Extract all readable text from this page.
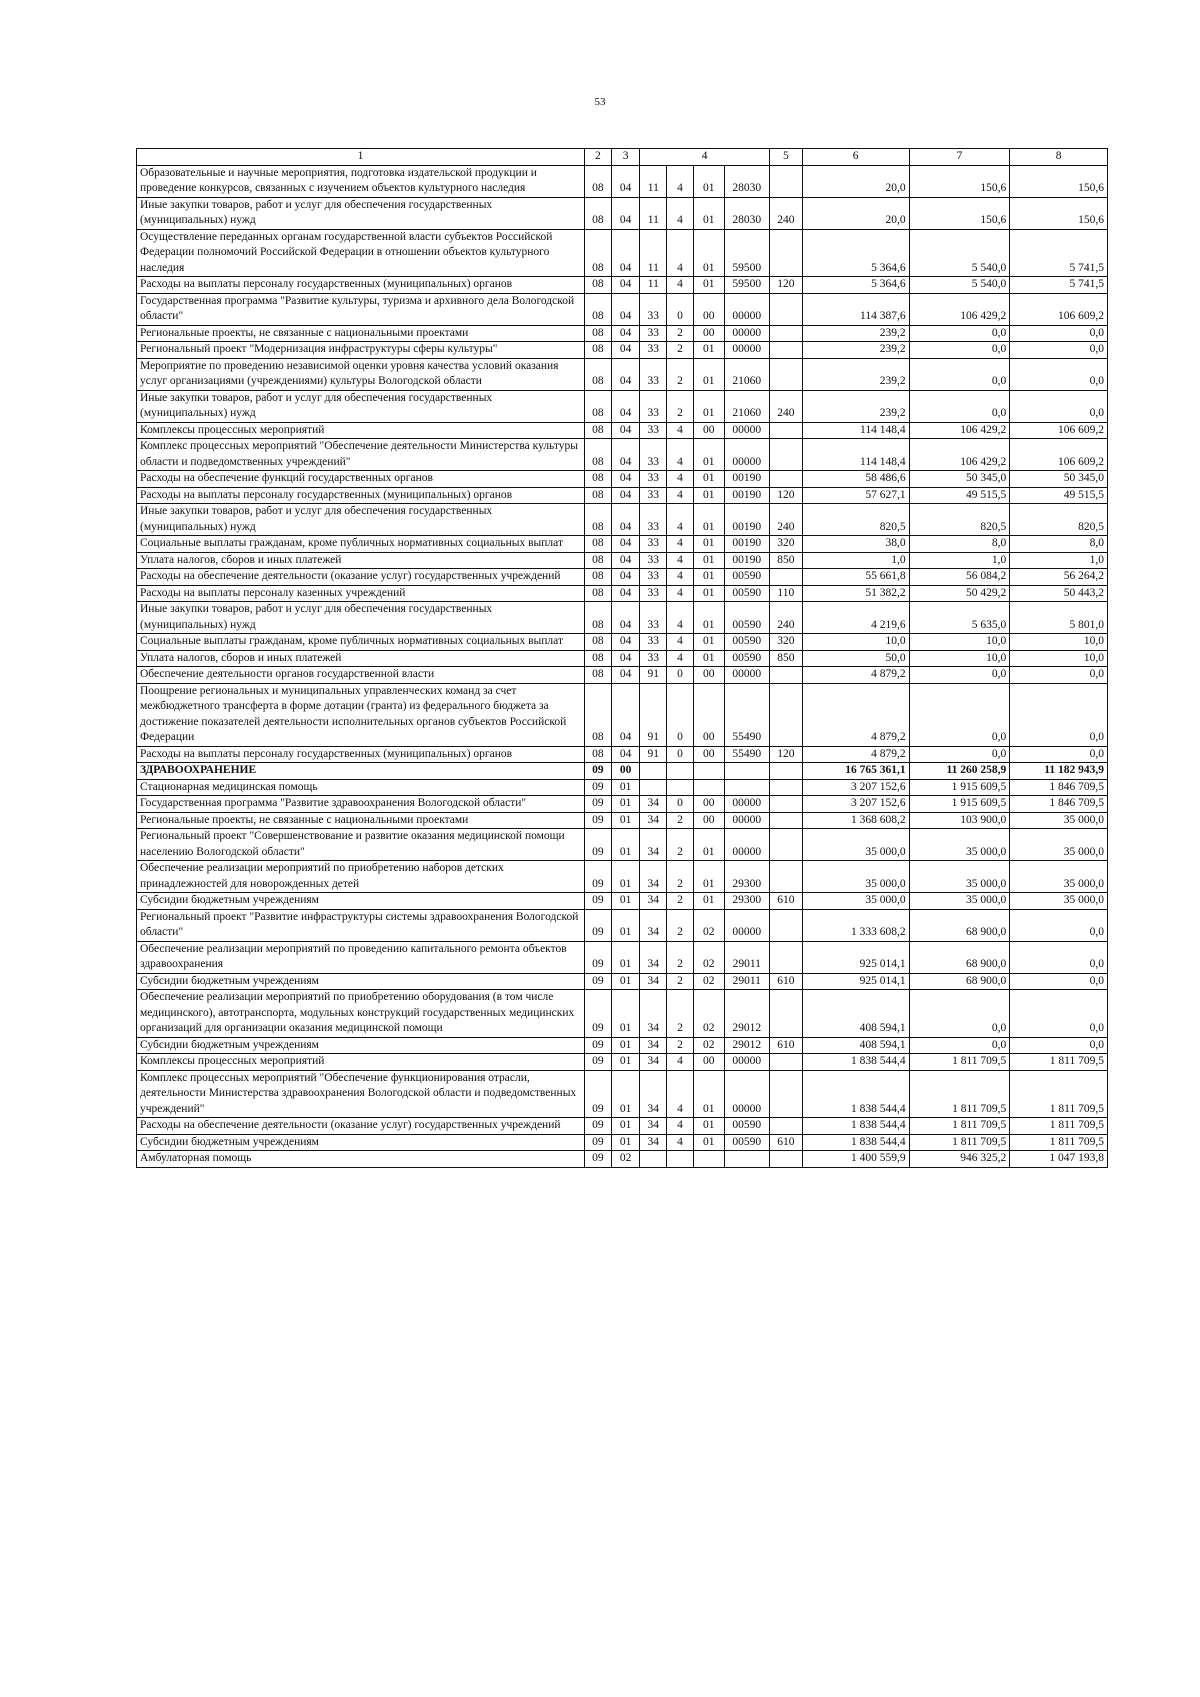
53
1	2	3	4				5	6	7	8
Образовательные и научные мероприятия, подготовка издательской продукции и проведение конкурсов, связанных с изучением объектов культурного наследия	08	04	11	4	01	28030		20,0	150,6	150,6
Иные закупки товаров, работ и услуг для обеспечения государственных (муниципальных) нужд	08	04	11	4	01	28030	240	20,0	150,6	150,6
Осуществление переданных органам государственной власти субъектов Российской Федерации полномочий Российской Федерации в отношении объектов культурного наследия	08	04	11	4	01	59500		5 364,6	5 540,0	5 741,5
Расходы на выплаты персоналу государственных (муниципальных) органов	08	04	11	4	01	59500	120	5 364,6	5 540,0	5 741,5
Государственная программа "Развитие культуры, туризма и архивного дела Вологодской области"	08	04	33	0	00	00000		114 387,6	106 429,2	106 609,2
Региональные проекты, не связанные с национальными проектами	08	04	33	2	00	00000		239,2	0,0	0,0
Региональный проект "Модернизация инфраструктуры сферы культуры"	08	04	33	2	01	00000		239,2	0,0	0,0
Мероприятие по проведению независимой оценки уровня качества условий оказания услуг организациями (учреждениями) культуры Вологодской области	08	04	33	2	01	21060		239,2	0,0	0,0
Иные закупки товаров, работ и услуг для обеспечения государственных (муниципальных) нужд	08	04	33	2	01	21060	240	239,2	0,0	0,0
Комплексы процессных мероприятий	08	04	33	4	00	00000		114 148,4	106 429,2	106 609,2
Комплекс процессных мероприятий "Обеспечение деятельности Министерства культуры области и подведомственных учреждений"	08	04	33	4	01	00000		114 148,4	106 429,2	106 609,2
Расходы на обеспечение функций государственных органов	08	04	33	4	01	00190		58 486,6	50 345,0	50 345,0
Расходы на выплаты персоналу государственных (муниципальных) органов	08	04	33	4	01	00190	120	57 627,1	49 515,5	49 515,5
Иные закупки товаров, работ и услуг для обеспечения государственных (муниципальных) нужд	08	04	33	4	01	00190	240	820,5	820,5	820,5
Социальные выплаты гражданам, кроме публичных нормативных социальных выплат	08	04	33	4	01	00190	320	38,0	8,0	8,0
Уплата налогов, сборов и иных платежей	08	04	33	4	01	00190	850	1,0	1,0	1,0
Расходы на обеспечение деятельности (оказание услуг) государственных учреждений	08	04	33	4	01	00590		55 661,8	56 084,2	56 264,2
Расходы на выплаты персоналу казенных учреждений	08	04	33	4	01	00590	110	51 382,2	50 429,2	50 443,2
Иные закупки товаров, работ и услуг для обеспечения государственных (муниципальных) нужд	08	04	33	4	01	00590	240	4 219,6	5 635,0	5 801,0
Социальные выплаты гражданам, кроме публичных нормативных социальных выплат	08	04	33	4	01	00590	320	10,0	10,0	10,0
Уплата налогов, сборов и иных платежей	08	04	33	4	01	00590	850	50,0	10,0	10,0
Обеспечение деятельности органов государственной власти	08	04	91	0	00	00000		4 879,2	0,0	0,0
Поощрение региональных и муниципальных управленческих команд за счет межбюджетного трансферта в форме дотации (гранта) из федерального бюджета за достижение показателей деятельности исполнительных органов субъектов Российской Федерации	08	04	91	0	00	55490		4 879,2	0,0	0,0
Расходы на выплаты персоналу государственных (муниципальных) органов	08	04	91	0	00	55490	120	4 879,2	0,0	0,0
ЗДРАВООХРАНЕНИЕ	09	00						16 765 361,1	11 260 258,9	11 182 943,9
Стационарная медицинская помощь	09	01						3 207 152,6	1 915 609,5	1 846 709,5
Государственная программа "Развитие здравоохранения Вологодской области"	09	01	34	0	00	00000		3 207 152,6	1 915 609,5	1 846 709,5
Региональные проекты, не связанные с национальными проектами	09	01	34	2	00	00000		1 368 608,2	103 900,0	35 000,0
Региональный проект "Совершенствование и развитие оказания медицинской помощи населению Вологодской области"	09	01	34	2	01	00000		35 000,0	35 000,0	35 000,0
Обеспечение реализации мероприятий по приобретению наборов детских принадлежностей для новорожденных детей	09	01	34	2	01	29300		35 000,0	35 000,0	35 000,0
Субсидии бюджетным учреждениям	09	01	34	2	01	29300	610	35 000,0	35 000,0	35 000,0
Региональный проект "Развитие инфраструктуры системы здравоохранения Вологодской области"	09	01	34	2	02	00000		1 333 608,2	68 900,0	0,0
Обеспечение реализации мероприятий по проведению капитального ремонта объектов здравоохранения	09	01	34	2	02	29011		925 014,1	68 900,0	0,0
Субсидии бюджетным учреждениям	09	01	34	2	02	29011	610	925 014,1	68 900,0	0,0
Обеспечение реализации мероприятий по приобретению оборудования (в том числе медицинского), автотранспорта, модульных конструкций государственных медицинских организаций для организации оказания медицинской помощи	09	01	34	2	02	29012		408 594,1	0,0	0,0
Субсидии бюджетным учреждениям	09	01	34	2	02	29012	610	408 594,1	0,0	0,0
Комплексы процессных мероприятий	09	01	34	4	00	00000		1 838 544,4	1 811 709,5	1 811 709,5
Комплекс процессных мероприятий "Обеспечение функционирования отрасли, деятельности Министерства здравоохранения Вологодской области и подведомственных учреждений"	09	01	34	4	01	00000		1 838 544,4	1 811 709,5	1 811 709,5
Расходы на обеспечение деятельности (оказание услуг) государственных учреждений	09	01	34	4	01	00590		1 838 544,4	1 811 709,5	1 811 709,5
Субсидии бюджетным учреждениям	09	01	34	4	01	00590	610	1 838 544,4	1 811 709,5	1 811 709,5
Амбулаторная помощь	09	02						1 400 559,9	946 325,2	1 047 193,8
